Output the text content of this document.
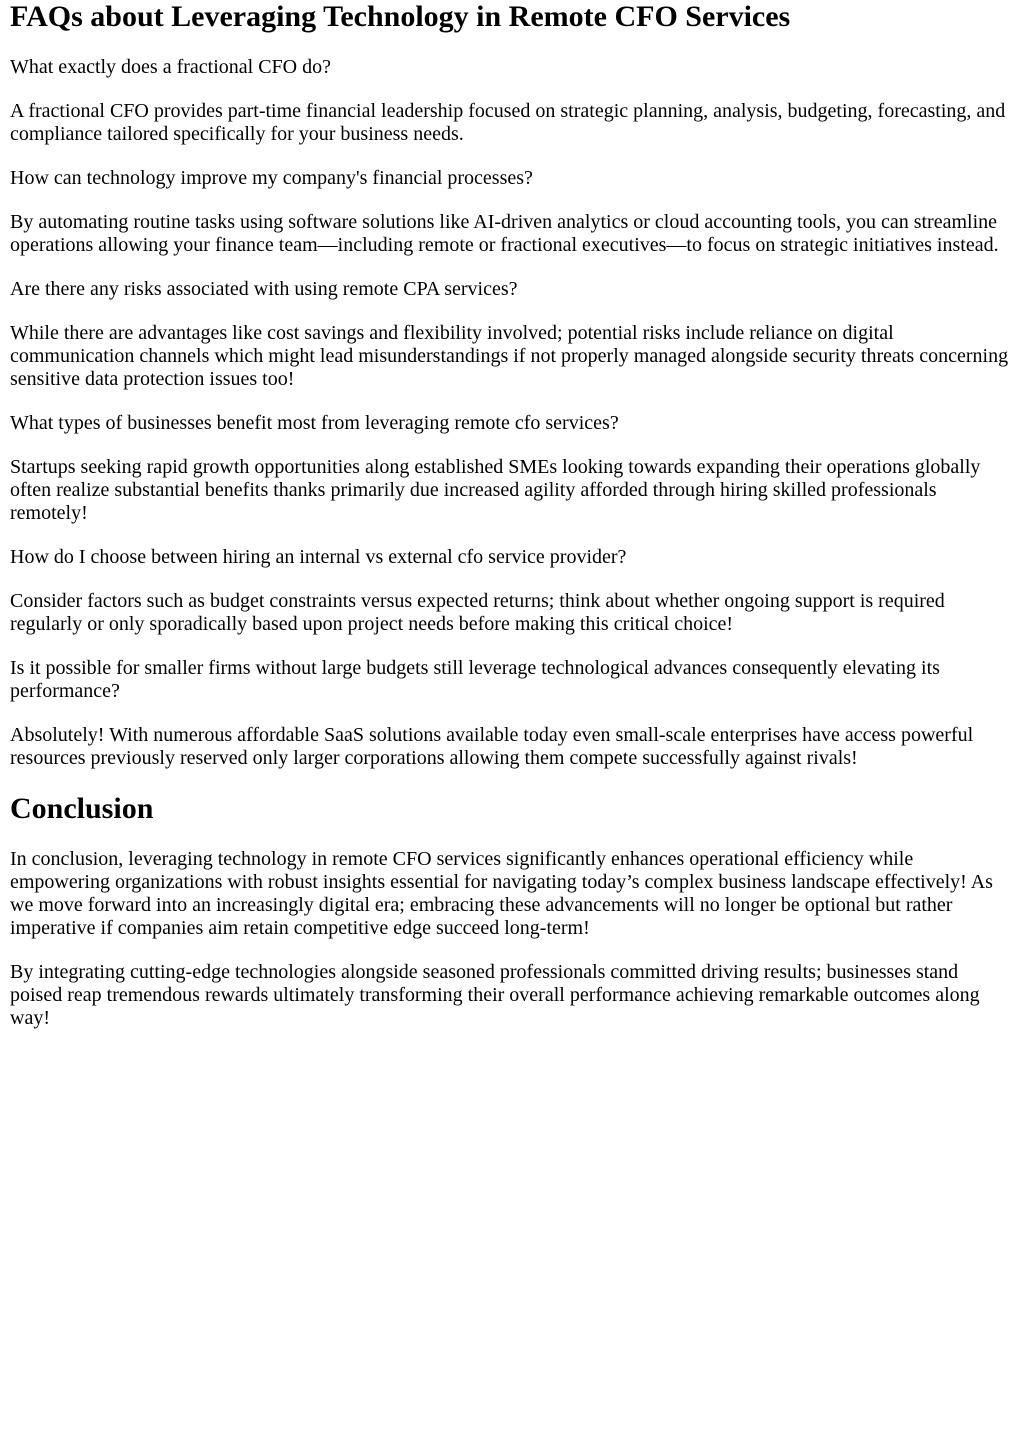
FAQs about Leveraging Technology in Remote CFO Services

What exactly does a fractional CFO do?

A fractional CFO provides part-time financial leadership focused on strategic planning, analysis, budgeting, forecasting, and compliance tailored specifically for your business needs.

How can technology improve my company's financial processes?

By automating routine tasks using software solutions like AI-driven analytics or cloud accounting tools, you can streamline operations allowing your finance team—including remote or fractional executives—to focus on strategic initiatives instead.

Are there any risks associated with using remote CPA services?

While there are advantages like cost savings and flexibility involved; potential risks include reliance on digital communication channels which might lead misunderstandings if not properly managed alongside security threats concerning sensitive data protection issues too!

What types of businesses benefit most from leveraging remote cfo services?

Startups seeking rapid growth opportunities along established SMEs looking towards expanding their operations globally often realize substantial benefits thanks primarily due increased agility afforded through hiring skilled professionals remotely!

How do I choose between hiring an internal vs external cfo service provider?

Consider factors such as budget constraints versus expected returns; think about whether ongoing support is required regularly or only sporadically based upon project needs before making this critical choice!

Is it possible for smaller firms without large budgets still leverage technological advances consequently elevating its performance?

Absolutely! With numerous affordable SaaS solutions available today even small-scale enterprises have access powerful resources previously reserved only larger corporations allowing them compete successfully against rivals!

Conclusion

In conclusion, leveraging technology in remote CFO services significantly enhances operational efficiency while empowering organizations with robust insights essential for navigating today’s complex business landscape effectively! As we move forward into an increasingly digital era; embracing these advancements will no longer be optional but rather imperative if companies aim retain competitive edge succeed long-term!

By integrating cutting-edge technologies alongside seasoned professionals committed driving results; businesses stand poised reap tremendous rewards ultimately transforming their overall performance achieving remarkable outcomes along way!
